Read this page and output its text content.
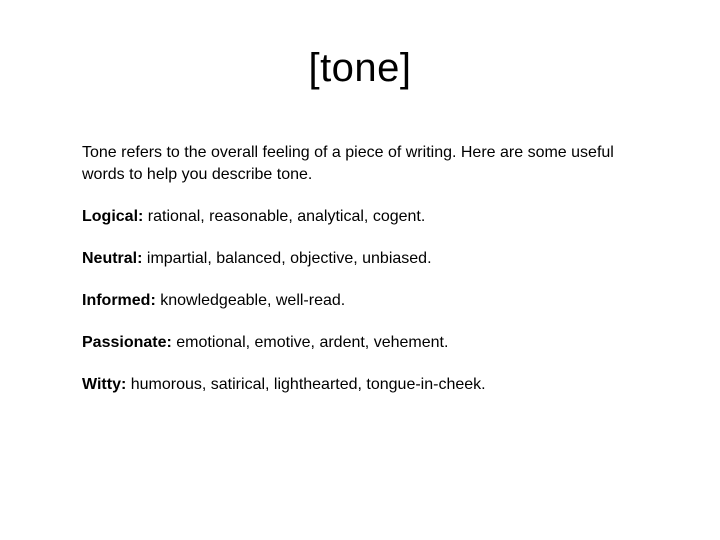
[tone]

Tone refers to the overall feeling of a piece of writing. Here are some useful words to help you describe tone.

Logical: rational, reasonable, analytical, cogent.

Neutral: impartial, balanced, objective, unbiased.

Informed: knowledgeable, well-read.

Passionate: emotional, emotive, ardent, vehement.

Witty: humorous, satirical, lighthearted, tongue-in-cheek.
